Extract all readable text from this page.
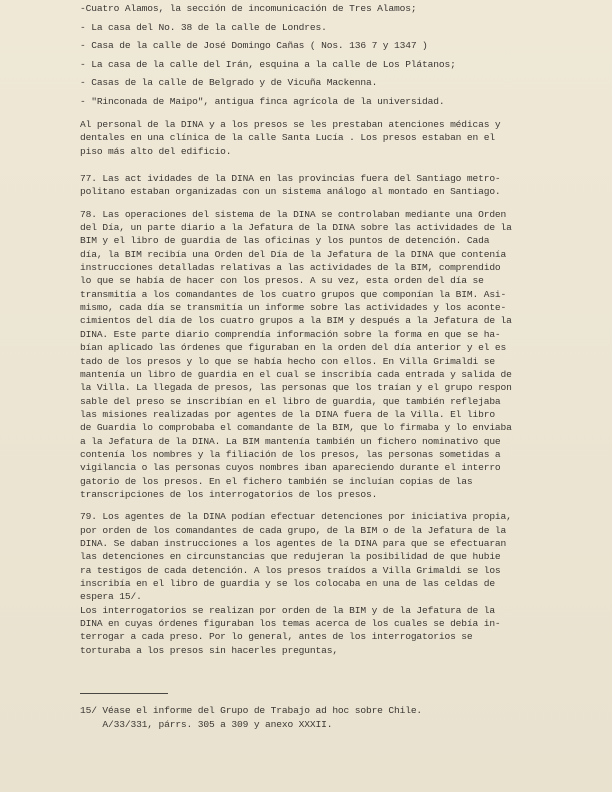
-Cuatro Alamos, la sección de incomunicación de Tres Alamos;
- La casa del No. 38 de la calle de Londres.
- Casa de la calle de José Domingo Cañas ( Nos. 136 7 y 1347 )
- La casa de la calle del Irán, esquina a la calle de Los Plátanos;
- Casas de la calle de Belgrado y de Vicuña Mackenna.
- "Rinconada de Maipo", antigua finca agrícola de la universidad.
Al personal de la DINA y a los presos se les prestaban atenciones médicas y
dentales en una clínica de la calle Santa Lucía . Los presos estaban en el
piso más alto del edificio.
77. Las act ividades de la DINA en las provincias fuera del Santiago metro-
politano estaban organizadas con un sistema análogo al montado en Santiago.
78. Las operaciones del sistema de la DINA se controlaban mediante una Orden
del Día, un parte diario a la Jefatura de la DINA sobre las actividades de la
BIM y el libro de guardia de las oficinas y los puntos de detención. Cada
día, la BIM recibía una Orden del Día de la Jefatura de la DINA que contenía
instrucciones detalladas relativas a las actividades de la BIM, comprendido
lo que se había de hacer con los presos. A su vez, esta orden del día se
transmitía a los comandantes de los cuatro grupos que componían la BIM. Asi-
mismo, cada día se transmitía un informe sobre las actividades y los aconte-
cimientos del día de los cuatro grupos a la BIM y después a la Jefatura de la
DINA. Este parte diario comprendía información sobre la forma en que se ha-
bían aplicado las órdenes que figuraban en la orden del día anterior y el es
tado de los presos y lo que se había hecho con ellos. En Villa Grimaldi se
mantenía un libro de guardia en el cual se inscribía cada entrada y salida de
la Villa. La llegada de presos, las personas que los traían y el grupo respon
sable del preso se inscribían en el libro de guardia, que también reflejaba
las misiones realizadas por agentes de la DINA fuera de la Villa. El libro
de Guardia lo comprobaba el comandante de la BIM, que lo firmaba y lo enviaba
a la Jefatura de la DINA. La BIM mantenía también un fichero nominativo que
contenía los nombres y la filiación de los presos, las personas sometidas a
vigilancia o las personas cuyos nombres iban apareciendo durante el interro
gatorio de los presos. En el fichero también se incluían copias de las
transcripciones de los interrogatorios de los presos.
79. Los agentes de la DINA podían efectuar detenciones por iniciativa propia,
por orden de los comandantes de cada grupo, de la BIM o de la Jefatura de la
DINA. Se daban instrucciones a los agentes de la DINA para que se efectuaran
las detenciones en circunstancias que redujeran la posibilidad de que hubie
ra testigos de cada detención. A los presos traídos a Villa Grimaldi se los
inscribía en el libro de guardia y se los colocaba en una de las celdas de
espera 15/.
Los interrogatorios se realizan por orden de la BIM y de la Jefatura de la
DINA en cuyas órdenes figuraban los temas acerca de los cuales se debía in-
terrogar a cada preso. Por lo general, antes de los interrogatorios se
torturaba a los presos sin hacerles preguntas,
15/ Véase el informe del Grupo de Trabajo ad hoc sobre Chile.
A/33/331, párrs. 305 a 309 y anexo XXXII.
